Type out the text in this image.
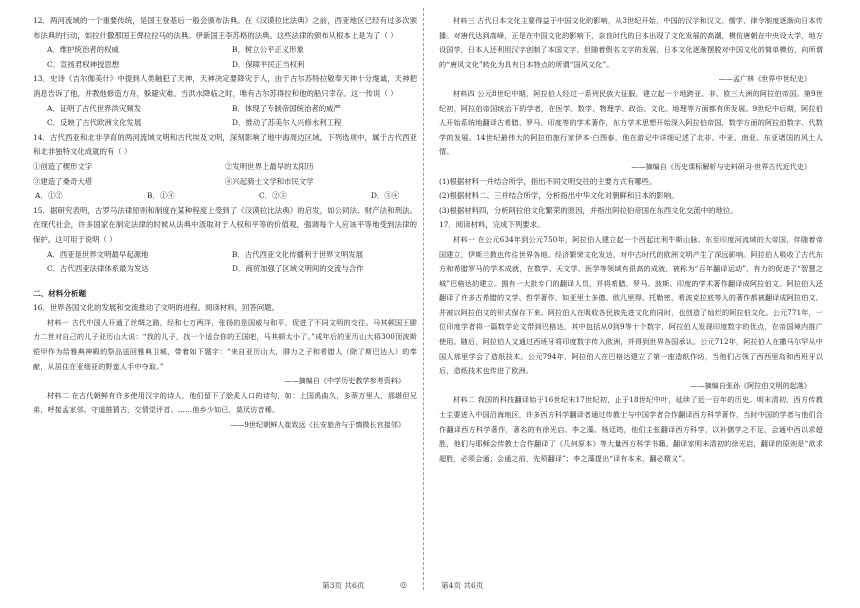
12．两河流域的一个重要传统，是国王登基后一般会颁布法典。在《汉谟拉比法典》之前，西亚地区已经有过多次颁布法典的行动，如拉什撒那国王俾拉拉马的法典。伊新国王李苏格的法典。这些法律的颁布从根本上是为了（ ）

A．维护统治者的权威	B．树立公平正义形象
C．宣扬君权神授思想	D．保障平民正当权利

13．史诗《吉尔伽美什》中提到人类触犯了天神，天神决定要降灾于人，由于古尔苏特拉敬奉天神十分虔诚，天神把消息告诉了他，并教他修造方舟，躲避灾难。当洪水降临之时，唯有古尔苏得拉和他的船只幸存。这一传说（ ）

A．证明了古代世界洪灾频发	B．体现了专制帝国统治者的威严
C．反映了古代欧洲文化发展	D．推动了苏美尔人兴修水利工程

14．古代西亚和北非孕育的两河流域文明和古代埃及文明，深刻影响了地中海周边区域。下列选项中，属于古代西亚和北非独特文化成就的有（ ）

①创造了楔形文字	②发明世界上最早的太阳历
③建造了桑奇大塔	④兴起骑士文学和市民文学
A．①②	B．①④	C．②③	D．③④

15．据研究表明，古罗马法律原则和制度在某种程度上受到了《汉谟拉比法典》的启发，如公同法、财产法和刑法。在现代社会，许多国家在制定法律的时候从法典中汲取对于人权和平等的价值观，强调每个人应该平等地受到法律的保护。这可用于说明（ ）

A．西亚是世界文明最早起源地	B．古代西亚文化传播利于世界文明发展
C．古代西亚法律体系最为发达	D．商贸加强了区域文明间的交流与合作

二、材料分析题

16．世界各国文化的发展和交流推动了文明的进程。阅读材料，回答问题。

材料一 古代中国人开通了丝绸之路，经和七万两洋，张扬的是国威与和平，促进了不同文明的交往。马其顿国王腓力二世对自己的儿子亚历山大说：“我的儿子，找一个适合你的王国吧，马其顿太小了。”成年后的亚历山大将300顶波斯铠甲作为给雅典神殿的祭品送回雅典卫城，带着如下题字：“来自亚历山大，腓力之子和希腊人（除了斯巴达人）的奉献，从居住在亚细亚的野蛮人手中夺取。”

——摘编自《中学历史教学参考资料》

材料二 在古代朝鲜有许多使用汉字的诗人，他们留下了脍炙人口的诗句，如：上国禹曲久，多蒂万里人，那堪但兄弟，呼接孟家邻。守道推猜古，交情觉评首。……他乡少如已，莫厌访音稀。

——9世纪朝鲜人崔致远《长安旅舍与于慎微长官接邻》

材料三 古代日本文化主要得益于中国文化的影响，从3世纪开始，中国的汉字和汉文、儒学、律令制度逐渐向日本传播。对唐代达到高峰，正是在中国文化的影响下，奈良时代的日本出现了文化发展的高潮，模仿唐朝在中央设大学，地方设国学，日本人还利用汉字创制了本国文字，但随着假名文字的发展，日本文化逐渐摆脱对中国文化的简单模仿，向所谓的“唐风文化”转化为具有日本特点的所谓“国风文化”。

——孟广林《世界中世纪史》

材料四 公元8世纪中期，阿拉伯人经过一系列民族大征服，建立起一个地跨亚、非、欧三大洲的阿拉伯帝国。第9世纪初，阿拉伯帝国统治下的学者，在医学、数学、物理学、政治、文化、地理等方面都有所发展。9世纪中后期，阿拉伯人开始系统地翻译古希腊、罗马、印度等的学术著作，东方学术思想开始深入阿拉伯帝国，数学方面的阿拉伯数字、代数学的发展。14世纪最伟大的阿拉伯旅行家伊本·白图泰，他在游记中详细记述了北非、中亚、南亚、东亚诸国的风土人情。

——摘编自《历史课标解析与史料研习·世界古代近代史》

(1)根据材料一并结合所学，指出不同文明交往的主要方式有哪些。

(2)根据材料二、三并结合所学，分析指出中华文化对朝鲜和日本的影响。

(3)根据材料四，分析阿拉伯文化繁荣的原因，并指出阿拉伯帝国在东西文化交流中的地位。

17．阅读材料，完成下列要求。

材料一 在公元634年到公元750年，阿拉伯人建立起一个西起比利牛斯山脉、东至印度河流域的大帝国，伴随着帝国建立，伊斯兰教也传往世界各地。经济繁荣文化发达，对中古时代的欧洲文明产生了深远影响。阿拉伯人吸收了古代东方和希腊罗马的学术成就，在数学、天文学、医学等领域有很高的成就，被称为“百年翻译运动”，有力的促进了“智慧之城”巴格达的建立。拥有一大批专门的翻译人员，并将希腊、罗马、波斯、印度的学术著作翻译成阿拉伯文。阿拉伯人还翻译了许多古希腊的文学、哲学著作，如亚里士多德、欧几里得、托勒密、希波克拉底等人的著作都被翻译成阿拉伯文，并被以阿拉伯文的形式保存下来。阿拉伯人在吸收各民族先进文化的同时，也创造了灿烂的阿拉伯文化。公元771年，一位印度学者将一篇数学论文带到巴格达，其中包括从0到9等十个数字，阿拉伯人发现印度数字的优点，在帝国境内推广使用。随后，阿拉伯人又通过西班牙将印度数字传入欧洲，并得到世界各国承认。公元712年，阿拉伯人在撒马尔罕从中国人那里学会了造纸技术。公元794年，阿拉伯人在巴格达建立了第一座造纸作坊，当他们占领了西西里岛和西班牙以后，造纸技术也传进了欧洲。

——摘编自张孙《阿拉伯文明的起落》

材料二 我国的科技翻译始于16世纪末17世纪初，止于18世纪中叶，延续了近一百年的历史。明末清初，西方传教士主要进入中国沿海地区，许多西方科学翻译者通过传教士与中国学者合作翻译西方科学著作，当时中国的学者与他们合作翻译西方科学著作，著名的有徐光启、李之藻、杨廷筠，他们主张翻译西方科学，以补儒学之不足，会通中西以求超胜，他们与耶稣会传教士合作翻译了《几何原本》等大量西方科学书籍。翻译家明末清初的徐光启，翻译的原则是“欲求超胜，必须会通；会通之前，先须翻译”；李之藻提出“译有本末，翻必精义”。

第3页 共6页	◎	第4页 共6页
